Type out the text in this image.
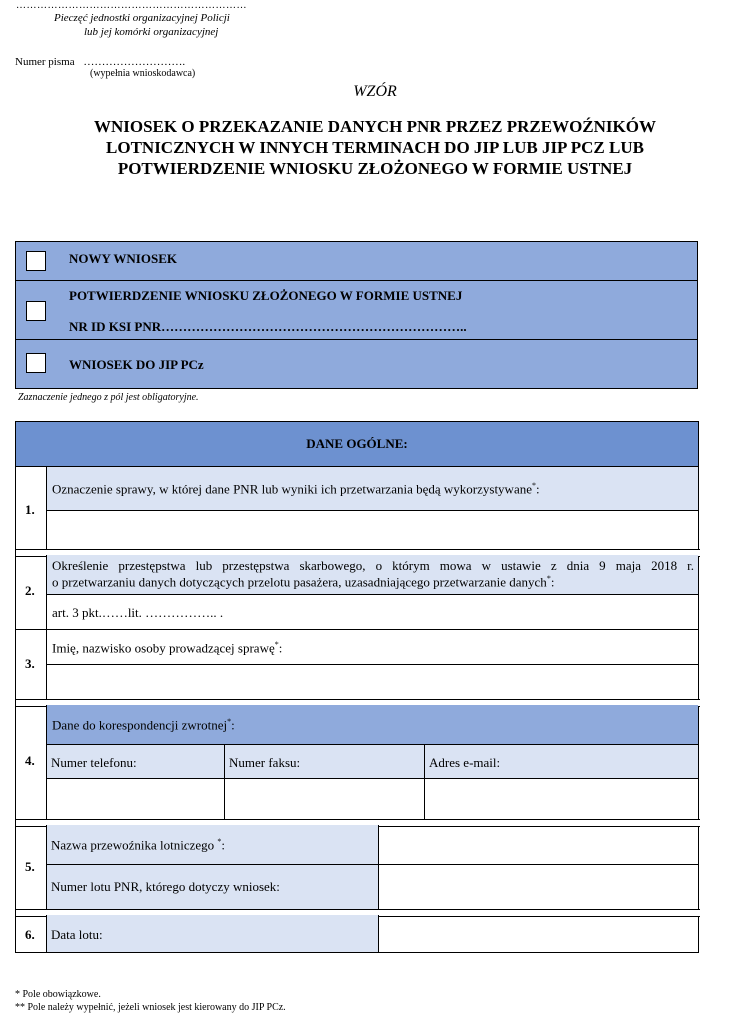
…………………………………………………………
Pieczęć jednostki organizacyjnej Policji
lub jej komórki organizacyjnej
Numer pisma ……………………….
(wypełnia wnioskodawca)
WZÓR
WNIOSEK O PRZEKAZANIE DANYCH PNR PRZEZ PRZEWOŹNIKÓW
LOTNICZNYCH W INNYCH TERMINACH DO JIP LUB JIP PCZ LUB
POTWIERDZENIE WNIOSKU ZŁOŻONEGO W FORMIE USTNEJ
NOWY WNIOSEK
POTWIERDZENIE WNIOSKU ZŁOŻONEGO W FORMIE USTNEJ
NR ID KSI PNR……………………………………………………………..
WNIOSEK DO JIP PCz
Zaznaczenie jednego z pól jest obligatoryjne.
DANE OGÓLNE:
1.
Oznaczenie sprawy, w której dane PNR lub wyniki ich przetwarzania będą wykorzystywane*:
2.
Określenie przestępstwa lub przestępstwa skarbowego, o którym mowa w ustawie z dnia 9 maja 2018 r.
o przetwarzaniu danych dotyczących przelotu pasażera, uzasadniającego przetwarzanie danych*:
art. 3 pkt.……lit. …………….. .
3.
Imię, nazwisko osoby prowadzącej sprawę*:
4.
Dane do korespondencji zwrotnej*:
Numer telefonu:	Numer faksu:	Adres e-mail:
5.
Nazwa przewoźnika lotniczego *:
Numer lotu PNR, którego dotyczy wniosek:
6. Data lotu:
* Pole obowiązkowe.
** Pole należy wypełnić, jeżeli wniosek jest kierowany do JIP PCz.
